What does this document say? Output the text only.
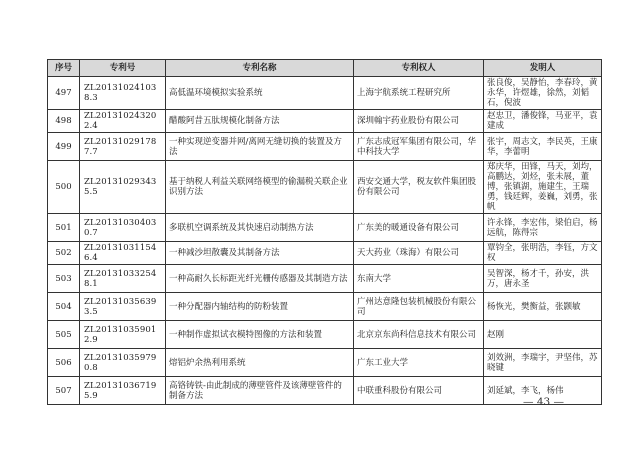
序号	专利号	专利名称	专利权人	发明人
497	ZL201310241038.3	高低温环境模拟实验系统	上海宇航系统工程研究所	张良俊，吴静怡，李春玲，黄永华，许煜雄，徐然，刘韬石，倪波
498	ZL201310243202.4	醋酸阿昔五肽规模化制备方法	深圳翰宇药业股份有限公司	赵忠卫，潘俊锋，马亚平，袁建成
499	ZL201310291787.7	一种实现逆变器并网/离网无缝切换的装置及方法	广东志成冠军集团有限公司，华中科技大学	张宇，周志文，李民英，王康华，李蕾明
500	ZL201310293435.5	基于纳税人利益关联网络模型的偷漏税关联企业识别方法	西安交通大学，税友软件集团股份有限公司	郑庆华，田锋，马天，刘均，高鹏达，刘烃，张未展，董博，张镇湖，施建生，王瑞勇，钱廷辉，姜巍，刘勇，张帆
501	ZL201310304030.7	多联机空调系统及其快速启动制热方法	广东美的暖通设备有限公司	许永锋，李宏伟，梁伯启，杨远航，陈得宗
502	ZL201310311546.4	一种减沙坦散囊及其制备方法	天大药业（珠海）有限公司	覃钧全，张明浩，李钰，方文权
503	ZL201310332548.1	一种高耐久长标距光纤光栅传感器及其制造方法	东南大学	吴智深，杨才千，孙安，洪万，唐永圣
504	ZL201310356393.5	一种分配器内轴结构的防粉装置	广州达意隆包装机械股份有限公司	杨恢光，樊衡益，张颢敏
505	ZL201310359012.9	一种制作虚拟试衣模特图像的方法和装置	北京京东尚科信息技术有限公司	赵刚
506	ZL201310359790.8	熔铝炉余热利用系统	广东工业大学	刘效洲，李瑞宇，尹坚伟，苏晓键
507	ZL201310367195.9	高铬铸铁-由此制成的薄壁管件及该薄壁管件的制备方法	中联重科股份有限公司	刘延斌，李飞，杨伟
— 43 —
